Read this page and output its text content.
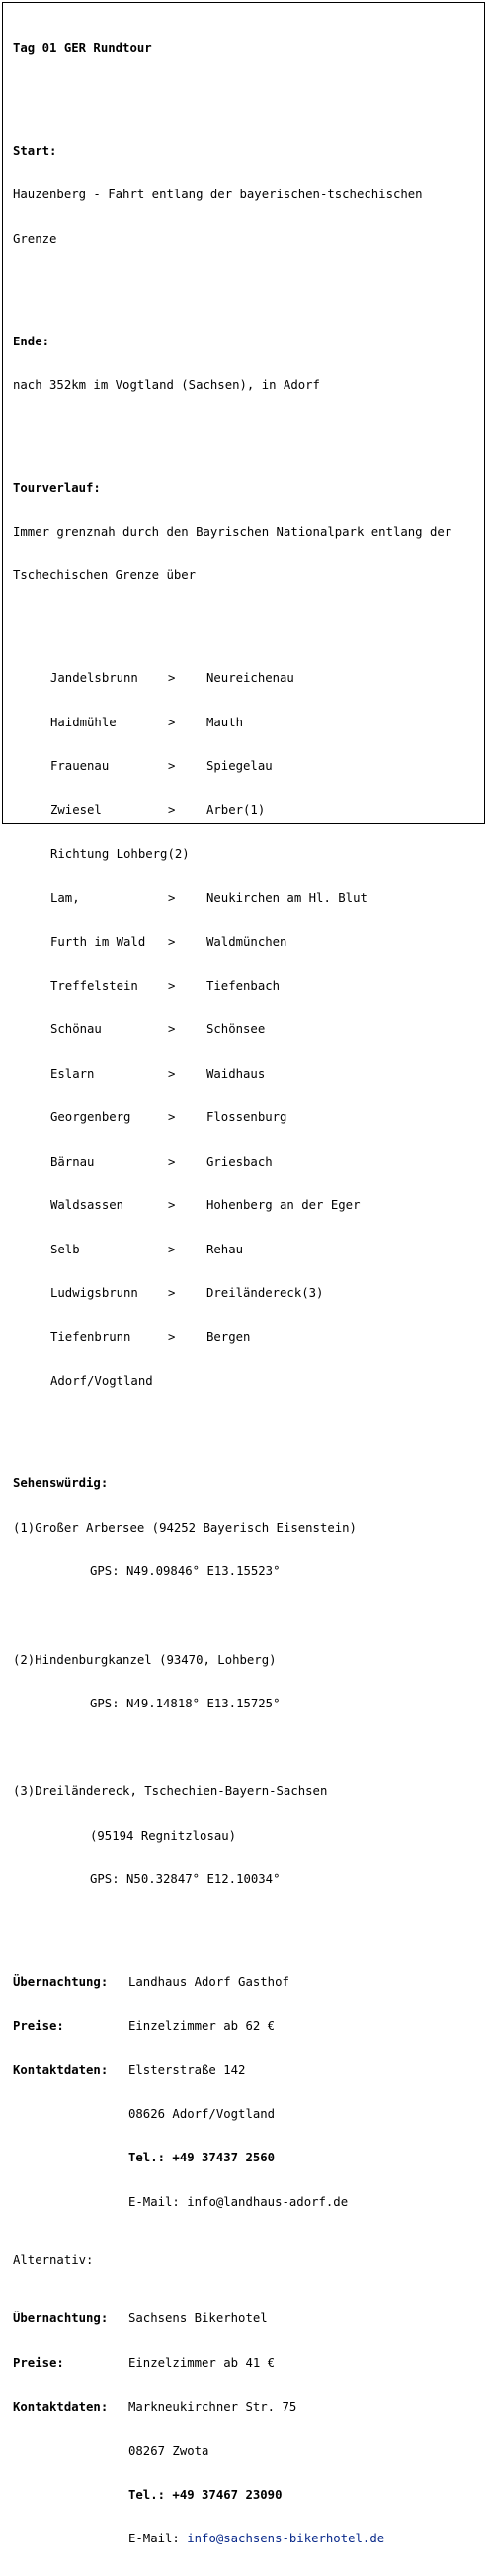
Tag 01 GER Rundtour

Start:

Hauzenberg - Fahrt entlang der bayerischen-tschechischen

Grenze

Ende:

nach 352km im Vogtland (Sachsen), in Adorf

Tourverlauf:

Immer grenznah durch den Bayrischen Nationalpark entlang der

Tschechischen Grenze über

Jandelsbrunn >	Neureichenau

Haidmühle	>	Mauth

Frauenau	>	Spiegelau

Zwiesel	>	Arber(1)

Richtung Lohberg(2)

Lam,	>	Neukirchen am Hl. Blut

Furth im Wald >	Waldmünchen

Treffelstein >	Tiefenbach

Schönau	>	Schönsee

Eslarn	>	Waidhaus

Georgenberg	>	Flossenburg

Bärnau	>	Griesbach

Waldsassen	>	Hohenberg an der Eger

Selb	>	Rehau

Ludwigsbrunn >	Dreiländereck(3)

Tiefenbrunn	>	Bergen

Adorf/Vogtland

Sehenswürdig:

(1)Großer Arbersee (94252 Bayerisch Eisenstein)

GPS: N49.09846° E13.15523°

(2)Hindenburgkanzel (93470, Lohberg)

GPS: N49.14818° E13.15725°

(3)Dreiländereck, Tschechien-Bayern-Sachsen

(95194 Regnitzlosau)

GPS: N50.32847° E12.10034°

Übernachtung: Landhaus Adorf Gasthof

Preise:	Einzelzimmer ab 62 €

Kontaktdaten: Elsterstraße 142

08626 Adorf/Vogtland

Tel.: +49 37437 2560

E-Mail: info@landhaus-adorf.de

Alternativ:

Übernachtung: Sachsens Bikerhotel

Preise:	Einzelzimmer ab 41 €

Kontaktdaten: Markneukirchner Str. 75

08267 Zwota

Tel.: +49 37467 23090

E-Mail: info@sachsens-bikerhotel.de
